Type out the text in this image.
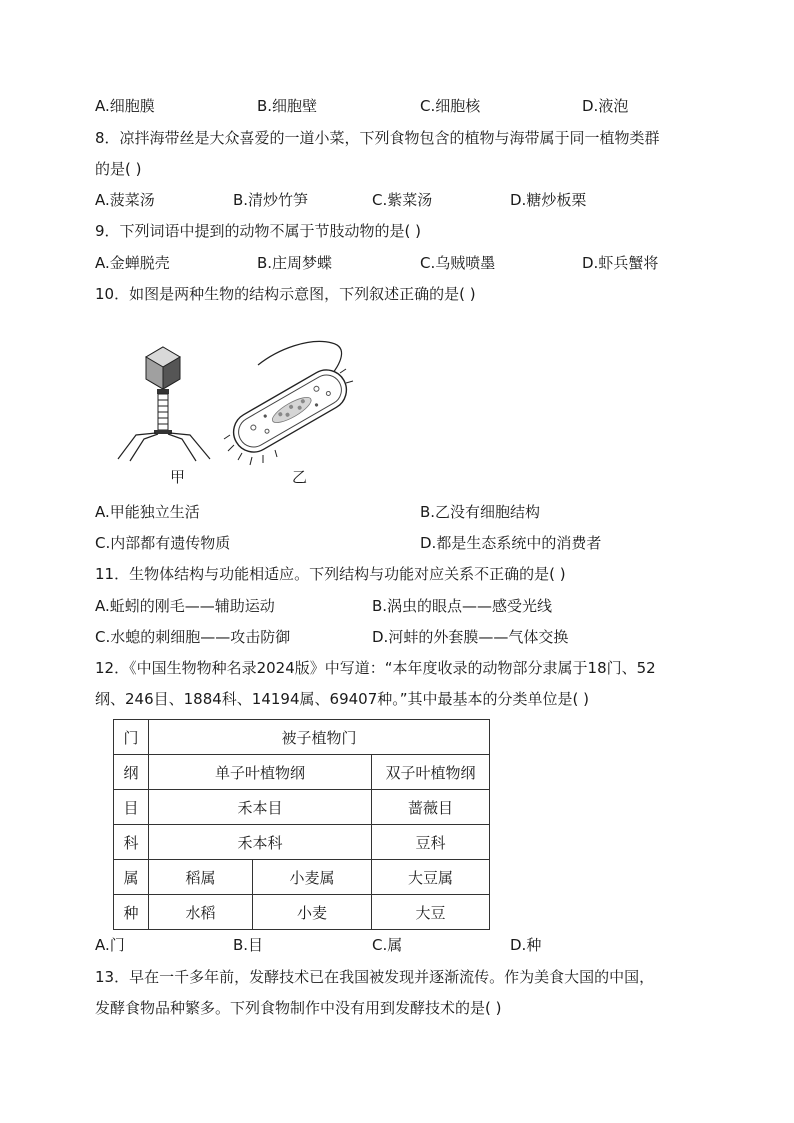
A.细胞膜	B.细胞壁	C.细胞核	D.液泡
8．凉拌海带丝是大众喜爱的一道小菜，下列食物包含的植物与海带属于同一植物类群
的是( )
A.菠菜汤	B.清炒竹笋	C.紫菜汤	D.糖炒板栗
9．下列词语中提到的动物不属于节肢动物的是( )
A.金蝉脱壳	B.庄周梦蝶	C.乌贼喷墨	D.虾兵蟹将
10．如图是两种生物的结构示意图，下列叙述正确的是( )
甲	乙
A.甲能独立生活	B.乙没有细胞结构
C.内部都有遗传物质	D.都是生态系统中的消费者
11．生物体结构与功能相适应。下列结构与功能对应关系不正确的是( )
A.蚯蚓的刚毛——辅助运动	B.涡虫的眼点——感受光线
C.水螅的刺细胞——攻击防御	D.河蚌的外套膜——气体交换
12．《中国生物物种名录2024版》中写道：“本年度收录的动物部分隶属于18门、52
纲、246目、1884科、14194属、69407种。”其中最基本的分类单位是( )
门	被子植物门		
纲	单子叶植物纲		双子叶植物纲
目	禾本目		蔷薇目
科	禾本科		豆科
属	稻属	小麦属	大豆属
种	水稻	小麦	大豆
A.门	B.目	C.属	D.种
13．早在一千多年前，发酵技术已在我国被发现并逐渐流传。作为美食大国的中国，
发酵食物品种繁多。下列食物制作中没有用到发酵技术的是( )
